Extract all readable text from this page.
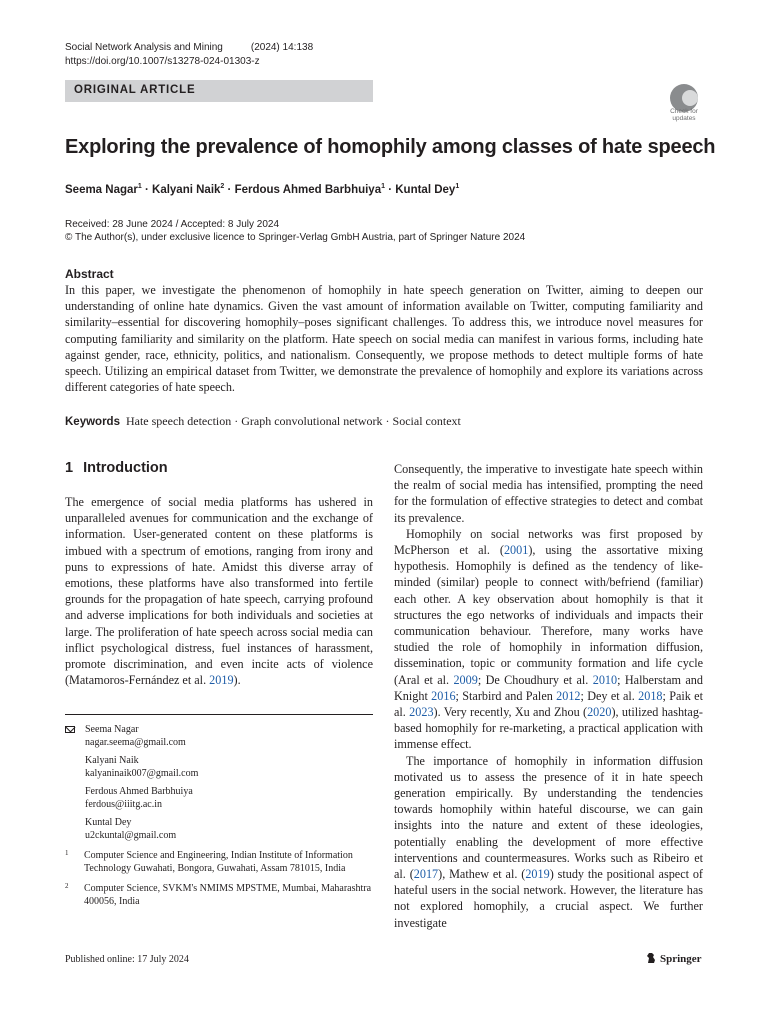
Social Network Analysis and Mining	(2024) 14:138
https://doi.org/10.1007/s13278-024-01303-z
ORIGINAL ARTICLE
Check for updates
Exploring the prevalence of homophily among classes of hate speech
Seema Nagar$^1$ · Kalyani Naik$^2$ · Ferdous Ahmed Barbhuiya$^1$ · Kuntal Dey$^1$
Received: 28 June 2024 / Accepted: 8 July 2024
© The Author(s), under exclusive licence to Springer-Verlag GmbH Austria, part of Springer Nature 2024
Abstract

In this paper, we investigate the phenomenon of homophily in hate speech generation on Twitter, aiming to deepen our understanding of online hate dynamics. Given the vast amount of information available on Twitter, computing familiarity and similarity–essential for discovering homophily–poses significant challenges. To address this, we introduce novel measures for computing familiarity and similarity on the platform. Hate speech on social media can manifest in various forms, including hate against gender, race, ethnicity, politics, and nationalism. Consequently, we propose methods to detect multiple forms of hate speech. Utilizing an empirical dataset from Twitter, we demonstrate the prevalence of homophily and explore its variations across different categories of hate speech.

Keywords Hate speech detection · Graph convolutional network · Social context
1 Introduction

The emergence of social media platforms has ushered in unparalleled avenues for communication and the exchange of information. User-generated content on these platforms is imbued with a spectrum of emotions, ranging from irony and puns to expressions of hate. Amidst this diverse array of emotions, these platforms have also transformed into fertile grounds for the propagation of hate speech, carrying profound and adverse implications for both individuals and societies at large. The proliferation of hate speech across social media can inflict psychological distress, fuel instances of harassment, promote discrimination, and even incite acts of violence (Matamoros-Fernández et al. 2019).

Consequently, the imperative to investigate hate speech within the realm of social media has intensified, prompting the need for the formulation of effective strategies to detect and combat its prevalence.

Homophily on social networks was first proposed by McPherson et al. (2001), using the assortative mixing hypothesis. Homophily is defined as the tendency of like-minded (similar) people to connect with/befriend (familiar) each other. A key observation about homophily is that it structures the ego networks of individuals and impacts their communication behaviour. Therefore, many works have studied the role of homophily in information diffusion, dissemination, topic or community formation and life cycle (Aral et al. 2009; De Choudhury et al. 2010; Halberstam and Knight 2016; Starbird and Palen 2012; Dey et al. 2018; Paik et al. 2023). Very recently, Xu and Zhou (2020), utilized hashtag-based homophily for re-marketing, a practical application with immense effect.

The importance of homophily in information diffusion motivated us to assess the presence of it in hate speech generation empirically. By understanding the tendencies towards homophily within hateful discourse, we can gain insights into the nature and extent of these ideologies, potentially enabling the development of more effective interventions and countermeasures. Works such as Ribeiro et al. (2017), Mathew et al. (2019) study the positional aspect of hateful users in the social network. However, the literature has not explored homophily, a crucial aspect. We further investigate

Seema Nagar
nagar.seema@gmail.com
Kalyani Naik
kalyaninaik007@gmail.com
Ferdous Ahmed Barbhuiya
ferdous@iiitg.ac.in
Kuntal Dey
u2ckuntal@gmail.com
1 Computer Science and Engineering, Indian Institute of Information Technology Guwahati, Bongora, Guwahati, Assam 781015, India
2 Computer Science, SVKM's NMIMS MPSTME, Mumbai, Maharashtra 400056, India
Published online: 17 July 2024	Springer
